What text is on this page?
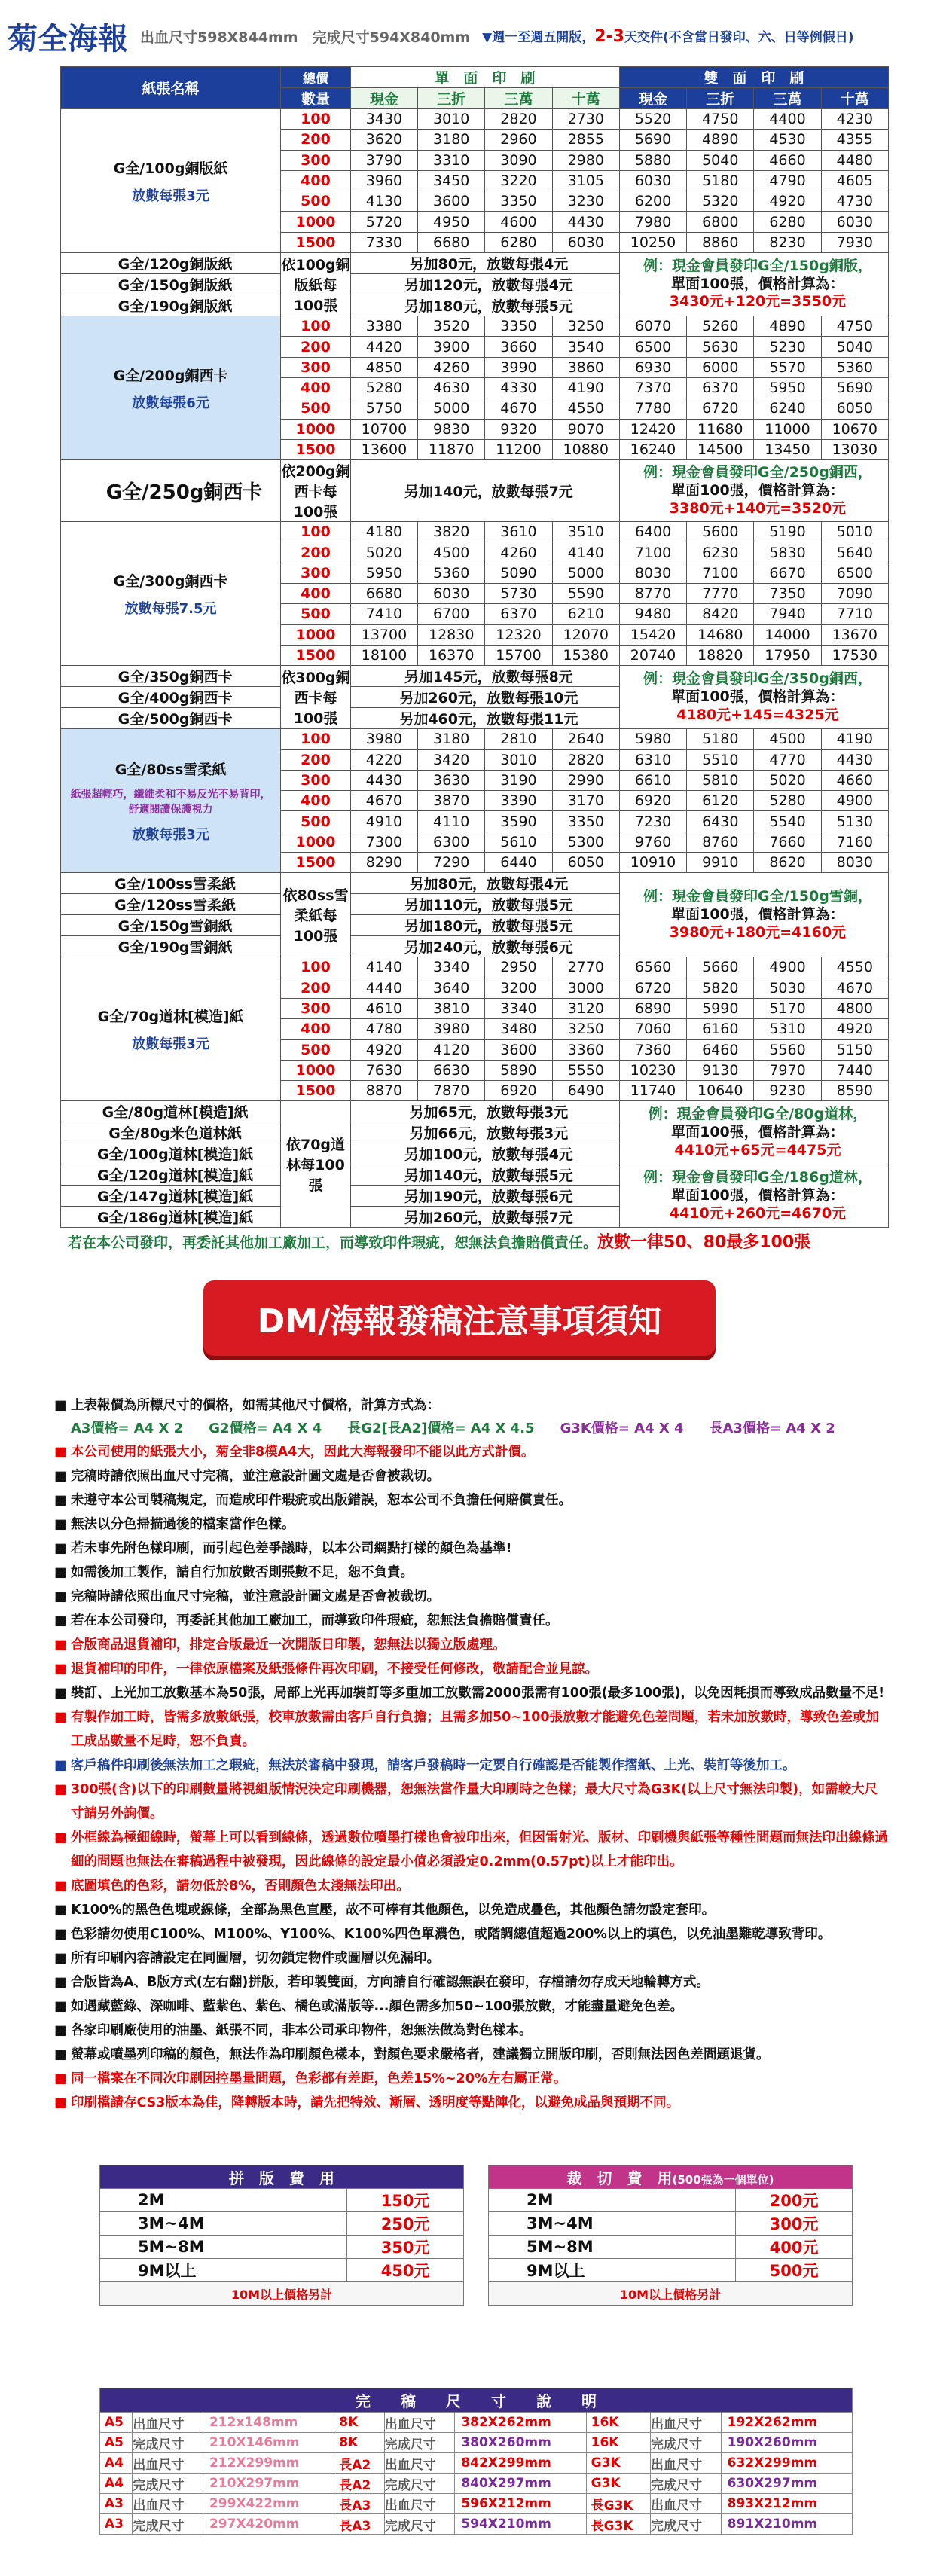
菊全海報 出血尺寸598X844mm　完成尺寸594X840mm ▼週一至週五開版，2-3天交件(不含當日發印、六、日等例假日)
紙張名稱	總價	單　面　印　刷				雙　面　印　刷			
	數量	現金	三折	三萬	十萬	現金	三折	三萬	十萬

G全/100g銅版紙
放數每張3元	100	3430	3010	2820	2730	5520	4750	4400	4230
	200	3620	3180	2960	2855	5690	4890	4530	4355
	300	3790	3310	3090	2980	5880	5040	4660	4480
	400	3960	3450	3220	3105	6030	5180	4790	4605
	500	4130	3600	3350	3230	6200	5320	4920	4730
	1000	5720	4950	4600	4430	7980	6800	6280	6030
	1500	7330	6680	6280	6030	10250	8860	8230	7930
G全/120g銅版紙	依100g銅版紙每100張	另加80元，放數每張4元				例：現金會員發印G全/150g銅版，
單面100張，價格計算為：
3430元+120元=3550元			

G全/150g銅版紙		另加120元，放數每張4元							
G全/190g銅版紙		另加180元，放數每張5元							

G全/200g銅西卡
放數每張6元	100	3380	3520	3350	3250	6070	5260	4890	4750
	200	4420	3900	3660	3540	6500	5630	5230	5040
	300	4850	4260	3990	3860	6930	6000	5570	5360
	400	5280	4630	4330	4190	7370	6370	5950	5690
	500	5750	5000	4670	4550	7780	6720	6240	6050
	1000	10700	9830	9320	9070	12420	11680	11000	10670
	1500	13600	11870	11200	10880	16240	14500	13450	13030
G全/250g銅西卡	依200g銅西卡每100張	另加140元，放數每張7元				例：現金會員發印G全/250g銅西，
單面100張，價格計算為：
3380元+140元=3520元			

G全/300g銅西卡
放數每張7.5元	100	4180	3820	3610	3510	6400	5600	5190	5010
	200	5020	4500	4260	4140	7100	6230	5830	5640
	300	5950	5360	5090	5000	8030	7100	6670	6500
	400	6680	6030	5730	5590	8770	7770	7350	7090
	500	7410	6700	6370	6210	9480	8420	7940	7710
	1000	13700	12830	12320	12070	15420	14680	14000	13670
	1500	18100	16370	15700	15380	20740	18820	17950	17530
G全/350g銅西卡	依300g銅西卡每100張	另加145元，放數每張8元				例：現金會員發印G全/350g銅西，
單面100張，價格計算為：
4180元+145=4325元			

G全/400g銅西卡		另加260元，放數每張10元							
G全/500g銅西卡		另加460元，放數每張11元							

G全/80ss雪柔紙
紙張超輕巧，纖維柔和不易反光不易背印，舒適閱讀保護視力
放數每張3元	100	3980	3180	2810	2640	5980	5180	4500	4190
	200	4220	3420	3010	2820	6310	5510	4770	4430
	300	4430	3630	3190	2990	6610	5810	5020	4660
	400	4670	3870	3390	3170	6920	6120	5280	4900
	500	4910	4110	3590	3350	7230	6430	5540	5130
	1000	7300	6300	5610	5300	9760	8760	7660	7160
	1500	8290	7290	6440	6050	10910	9910	8620	8030
G全/100ss雪柔紙	依80ss雪柔紙每100張	另加80元，放數每張4元				例：現金會員發印G全/150g雪銅，
單面100張，價格計算為：
3980元+180元=4160元			

G全/120ss雪柔紙		另加110元，放數每張5元							
G全/150g雪銅紙		另加180元，放數每張5元							
G全/190g雪銅紙		另加240元，放數每張6元							

G全/70g道林[模造]紙
放數每張3元	100	4140	3340	2950	2770	6560	5660	4900	4550
	200	4440	3640	3200	3000	6720	5820	5030	4670
	300	4610	3810	3340	3120	6890	5990	5170	4800
	400	4780	3980	3480	3250	7060	6160	5310	4920
	500	4920	4120	3600	3360	7360	6460	5560	5150
	1000	7630	6630	5890	5550	10230	9130	7970	7440
	1500	8870	7870	6920	6490	11740	10640	9230	8590
G全/80g道林[模造]紙	依70g道林每100張	另加65元，放數每張3元				例：現金會員發印G全/80g道林，
單面100張，價格計算為：
4410元+65元=4475元			

G全/80g米色道林紙		另加66元，放數每張3元							
G全/100g道林[模造]紙		另加100元，放數每張4元							
G全/120g道林[模造]紙		另加140元，放數每張5元				例：現金會員發印G全/186g道林，
單面100張，價格計算為：
4410元+260元=4670元			

G全/147g道林[模造]紙		另加190元，放數每張6元							
G全/186g道林[模造]紙		另加260元，放數每張7元							
若在本公司發印，再委託其他加工廠加工，而導致印件瑕疵，恕無法負擔賠償責任。放數一律50、80最多100張
DM/海報發稿注意事項須知
■ 上表報價為所標尺寸的價格，如需其他尺寸價格，計算方式為：
A3價格= A4 X 2 G2價格= A4 X 4 長G2[長A2]價格= A4 X 4.5 G3K價格= A4 X 4 長A3價格= A4 X 2
■ 本公司使用的紙張大小，菊全非8模A4大，因此大海報發印不能以此方式計價。
■ 完稿時請依照出血尺寸完稿，並注意設計圖文處是否會被裁切。
■ 未遵守本公司製稿規定，而造成印件瑕疵或出版錯誤，恕本公司不負擔任何賠償責任。
■ 無法以分色掃描過後的檔案當作色樣。
■ 若未事先附色樣印刷，而引起色差爭議時，以本公司網點打樣的顏色為基準!
■ 如需後加工製作，請自行加放數否則張數不足，恕不負責。
■ 完稿時請依照出血尺寸完稿，並注意設計圖文處是否會被裁切。
■ 若在本公司發印，再委託其他加工廠加工，而導致印件瑕疵，恕無法負擔賠償責任。
■ 合版商品退貨補印，排定合版最近一次開版日印製，恕無法以獨立版處理。
■ 退貨補印的印件，一律依原檔案及紙張條件再次印刷，不接受任何修改，敬請配合並見諒。
■ 裝訂、上光加工放數基本為50張，局部上光再加裝訂等多重加工放數需2000張需有100張(最多100張)，以免因耗損而導致成品數量不足!
■ 有製作加工時，皆需多放數紙張，校車放數需由客戶自行負擔；且需多加50~100張放數才能避免色差問題，若未加放數時，導致色差或加工成品數量不足時，恕不負責。
■ 客戶稿件印刷後無法加工之瑕疵，無法於審稿中發現，請客戶發稿時一定要自行確認是否能製作摺紙、上光、裝訂等後加工。
■ 300張(含)以下的印刷數量將視組版情況決定印刷機器，恕無法當作量大印刷時之色樣；最大尺寸為G3K(以上尺寸無法印製)，如需較大尺寸請另外詢價。
■ 外框線為極細線時，螢幕上可以看到線條，透過數位噴墨打樣也會被印出來，但因雷射光、版材、印刷機與紙張等種性問題而無法印出線條過細的問題也無法在審稿過程中被發現，因此線條的設定最小值必須設定0.2mm(0.57pt)以上才能印出。
■ 底圖填色的色彩，請勿低於8%，否則顏色太淺無法印出。
■ K100%的黑色色塊或線條，全部為黑色直壓，故不可棒有其他顏色，以免造成疊色，其他顏色請勿設定套印。
■ 色彩請勿使用C100%、M100%、Y100%、K100%四色單濃色，或階調總值超過200%以上的填色，以免油墨難乾導致背印。
■ 所有印刷內容請設定在同圖層，切勿鎖定物件或圖層以免漏印。
■ 合版皆為A、B版方式(左右翻)拼版，若印製雙面，方向請自行確認無誤在發印，存檔請勿存成天地輪轉方式。
■ 如遇藏藍綠、深咖啡、藍紫色、紫色、橘色或滿版等...顏色需多加50~100張放數，才能盡量避免色差。
■ 各家印刷廠使用的油墨、紙張不同，非本公司承印物件，恕無法做為對色樣本。
■ 螢幕或噴墨列印稿的顏色，無法作為印刷顏色樣本，對顏色要求嚴格者，建議獨立開版印刷，否則無法因色差問題退貨。
■ 同一檔案在不同次印刷因控墨量問題，色彩都有差距，色差15%~20%左右屬正常。
■ 印刷檔請存CS3版本為佳，降轉版本時，請先把特效、漸層、透明度等點陣化，以避免成品與預期不同。
拼　版　費　用	
2M	150元
3M~4M	250元
5M~8M	350元
9M以上	450元
10M以上價格另計	
裁　切　費　用(500張為一個單位)	
2M	200元
3M~4M	300元
5M~8M	400元
9M以上	500元
10M以上價格另計	
完　　稿　　尺　　寸　　說　　明								
A5	出血尺寸	212x148mm	8K	出血尺寸	382X262mm	16K	出血尺寸	192X262mm
A5	完成尺寸	210X146mm	8K	完成尺寸	380X260mm	16K	完成尺寸	190X260mm
A4	出血尺寸	212X299mm	長A2	出血尺寸	842X299mm	G3K	出血尺寸	632X299mm
A4	完成尺寸	210X297mm	長A2	完成尺寸	840X297mm	G3K	完成尺寸	630X297mm
A3	出血尺寸	299X422mm	長A3	出血尺寸	596X212mm	長G3K	出血尺寸	893X212mm
A3	完成尺寸	297X420mm	長A3	完成尺寸	594X210mm	長G3K	完成尺寸	891X210mm
